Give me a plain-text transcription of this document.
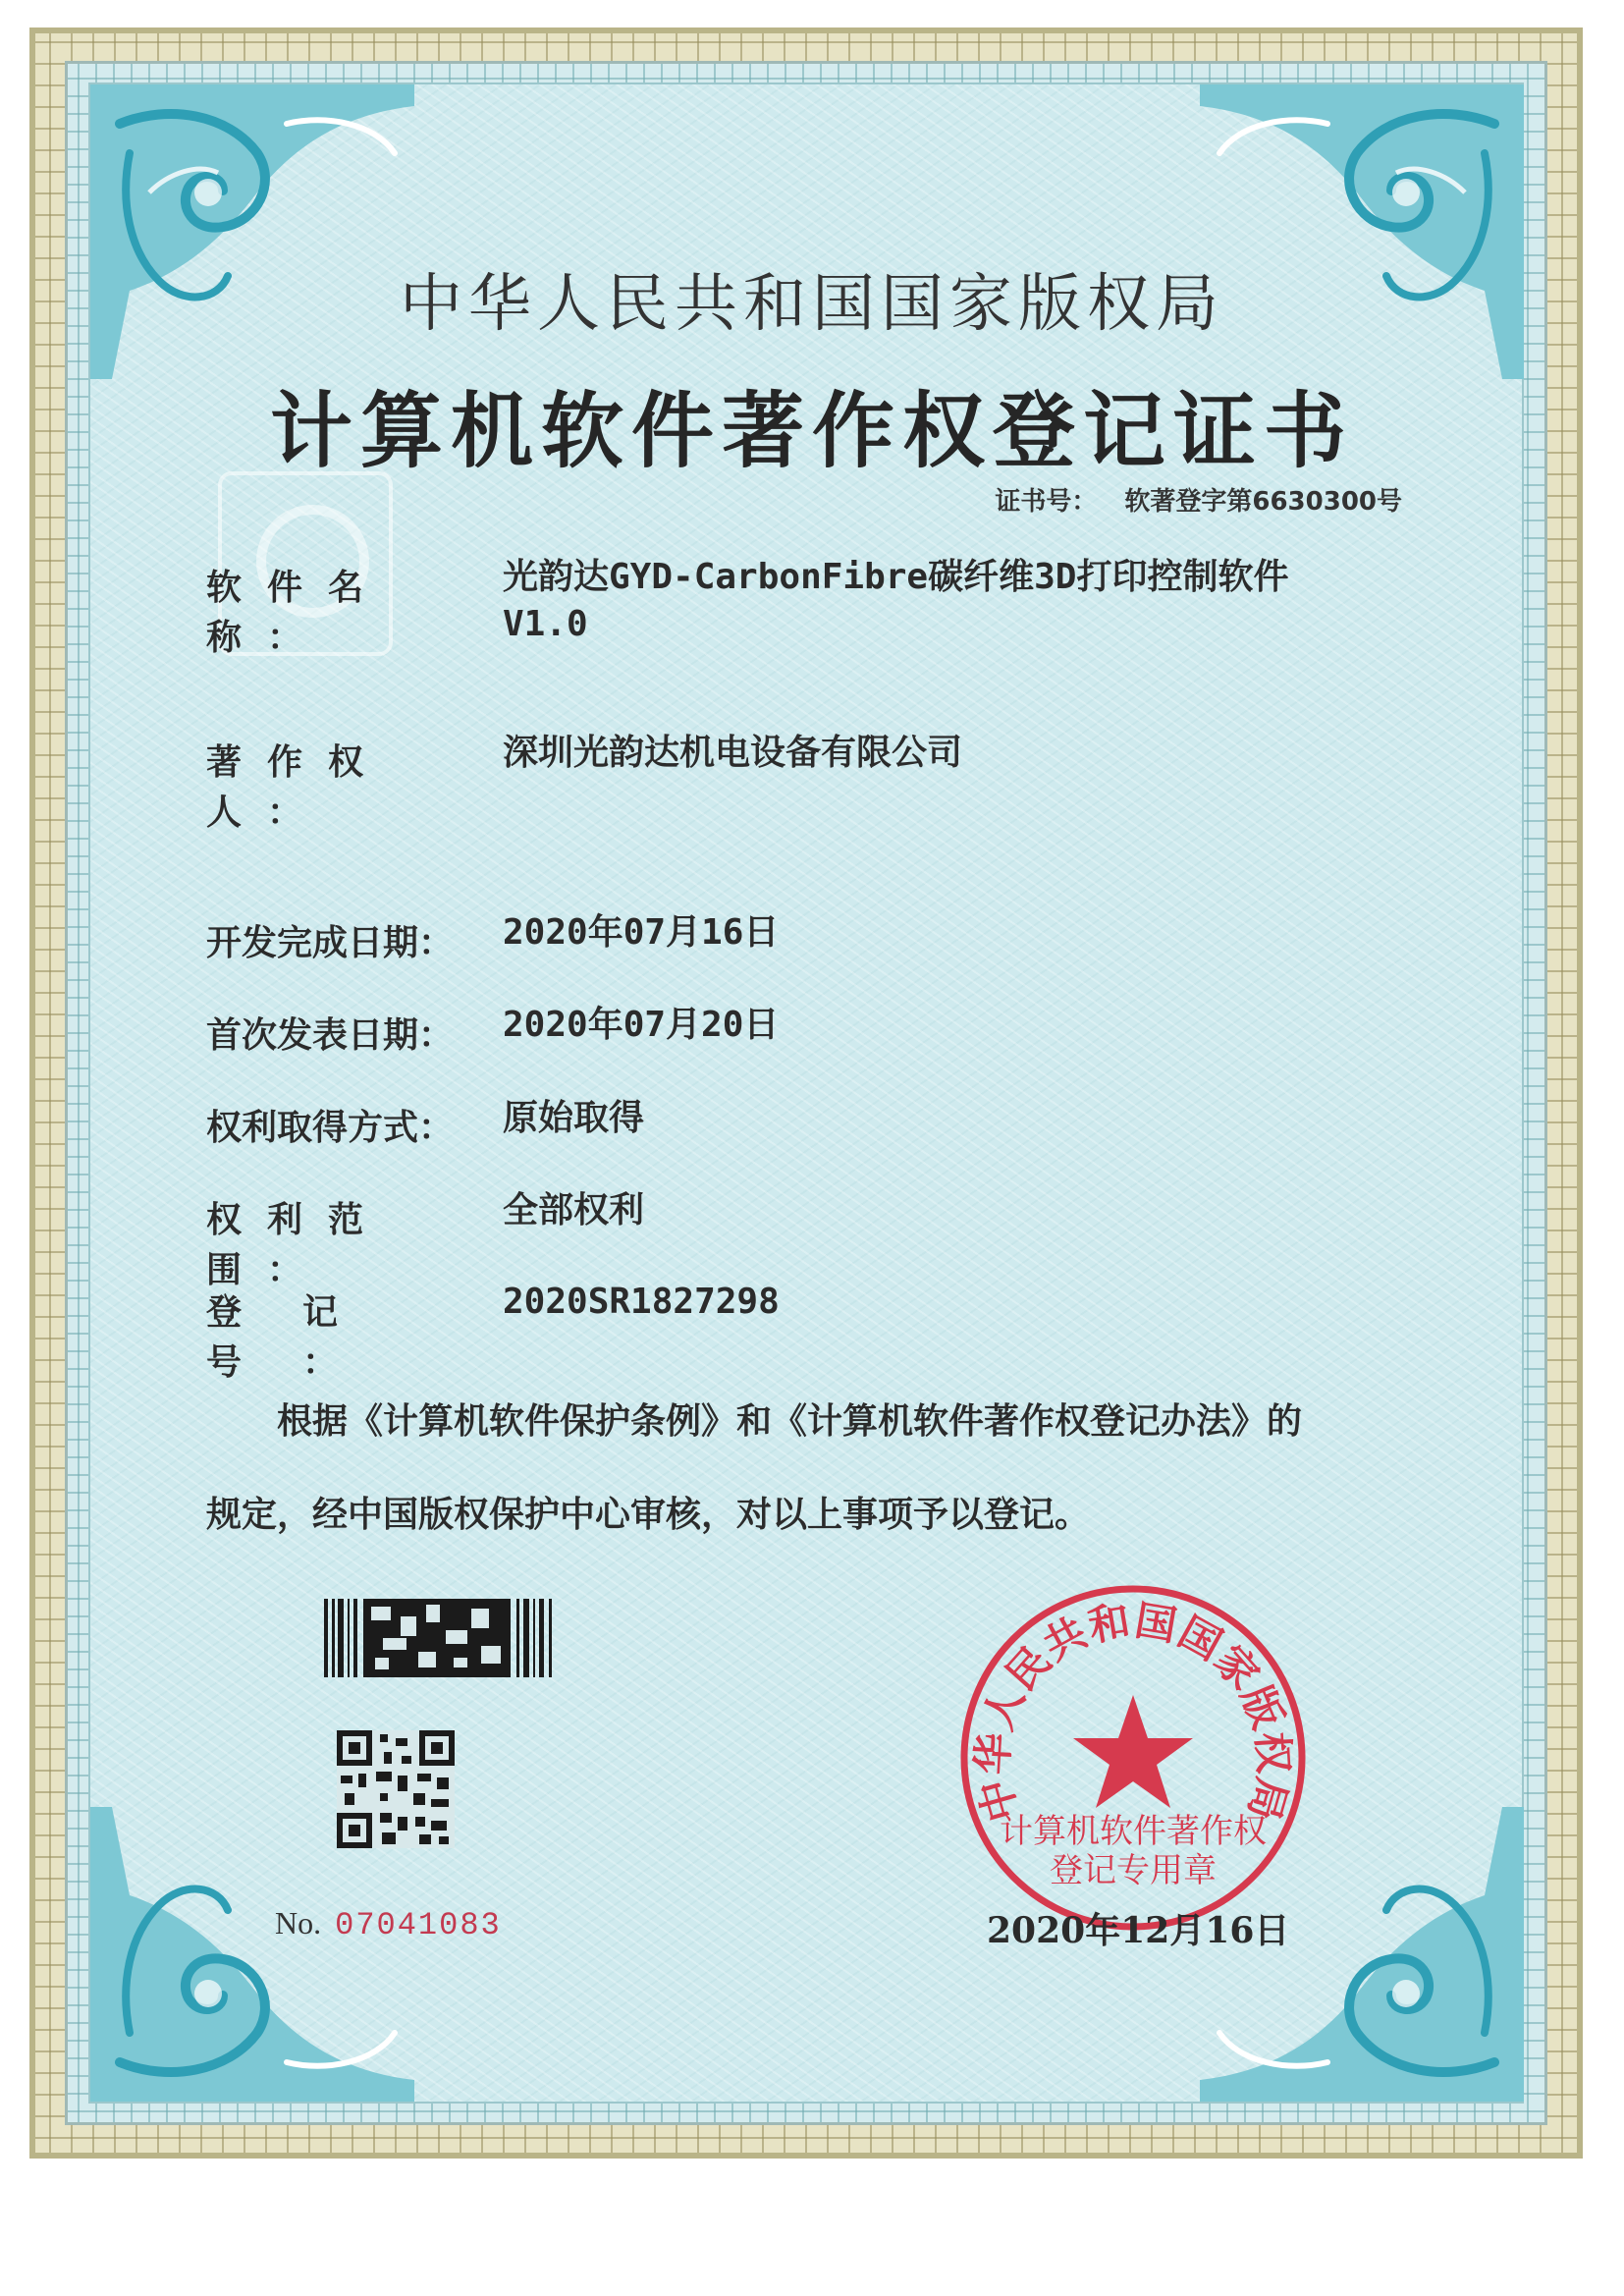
中华人民共和国国家版权局
计算机软件著作权登记证书
证书号： 软著登字第6630300号
软件名称：
光韵达GYD-CarbonFibre碳纤维3D打印控制软件
V1.0
著作权人：
深圳光韵达机电设备有限公司
开发完成日期：	2020年07月16日
首次发表日期：	2020年07月20日
权利取得方式：	原始取得
权利范围：
全部权利
登记号：
2020SR1827298
根据《计算机软件保护条例》和《计算机软件著作权登记办法》的
规定，经中国版权保护中心审核，对以上事项予以登记。
No. 07041083
中华人民共和国国家版权局
计算机软件著作权
登记专用章
2020年12月16日
